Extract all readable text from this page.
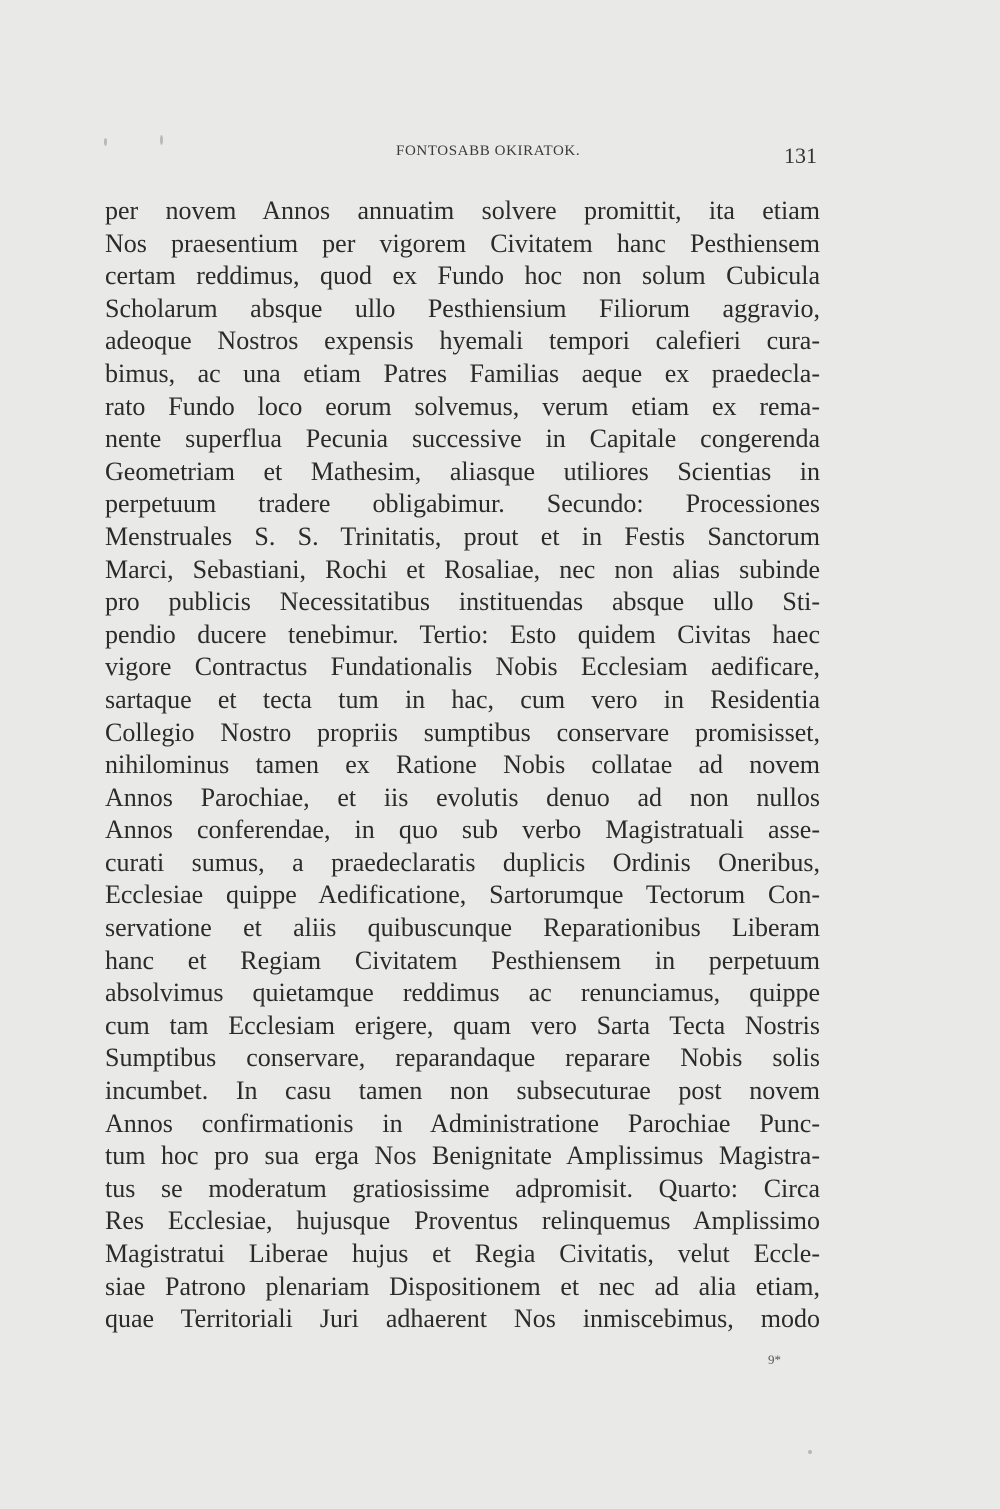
FONTOSABB OKIRATOK.	131
per novem Annos annuatim solvere promittit, ita etiam
Nos praesentium per vigorem Civitatem hanc Pesthiensem
certam reddimus, quod ex Fundo hoc non solum Cubicula
Scholarum absque ullo Pesthiensium Filiorum aggravio,
adeoque Nostros expensis hyemali tempori calefieri cura-
bimus, ac una etiam Patres Familias aeque ex praedecla-
rato Fundo loco eorum solvemus, verum etiam ex rema-
nente superflua Pecunia successive in Capitale congerenda
Geometriam et Mathesim, aliasque utiliores Scientias in
perpetuum tradere obligabimur. Secundo: Processiones
Menstruales S. S. Trinitatis, prout et in Festis Sanctorum
Marci, Sebastiani, Rochi et Rosaliae, nec non alias subinde
pro publicis Necessitatibus instituendas absque ullo Sti-
pendio ducere tenebimur. Tertio: Esto quidem Civitas haec
vigore Contractus Fundationalis Nobis Ecclesiam aedificare,
sartaque et tecta tum in hac, cum vero in Residentia
Collegio Nostro propriis sumptibus conservare promisisset,
nihilominus tamen ex Ratione Nobis collatae ad novem
Annos Parochiae, et iis evolutis denuo ad non nullos
Annos conferendae, in quo sub verbo Magistratuali asse-
curati sumus, a praedeclaratis duplicis Ordinis Oneribus,
Ecclesiae quippe Aedificatione, Sartorumque Tectorum Con-
servatione et aliis quibuscunque Reparationibus Liberam
hanc et Regiam Civitatem Pesthiensem in perpetuum
absolvimus quietamque reddimus ac renunciamus, quippe
cum tam Ecclesiam erigere, quam vero Sarta Tecta Nostris
Sumptibus conservare, reparandaque reparare Nobis solis
incumbet. In casu tamen non subsecuturae post novem
Annos confirmationis in Administratione Parochiae Punc-
tum hoc pro sua erga Nos Benignitate Amplissimus Magistra-
tus se moderatum gratiosissime adpromisit. Quarto: Circa
Res Ecclesiae, hujusque Proventus relinquemus Amplissimo
Magistratui Liberae hujus et Regia Civitatis, velut Eccle-
siae Patrono plenariam Dispositionem et nec ad alia etiam,
quae Territoriali Juri adhaerent Nos inmiscebimus, modo
9*
